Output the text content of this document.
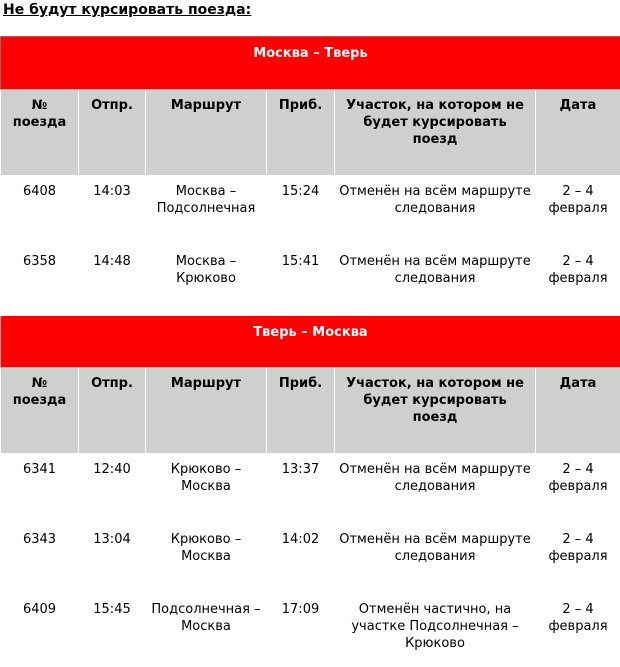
Не будут курсировать поезда:
Москва – Тверь					
№ поезда	Отпр.	Маршрут	Приб.	Участок, на котором не будет курсировать поезд	Дата
6408	14:03	Москва – Подсолнечная	15:24	Отменён на всём маршруте следования	2 – 4 февраля
6358	14:48	Москва – Крюково	15:41	Отменён на всём маршруте следования	2 – 4 февраля
Тверь – Москва					
№ поезда	Отпр.	Маршрут	Приб.	Участок, на котором не будет курсировать поезд	Дата
6341	12:40	Крюково – Москва	13:37	Отменён на всём маршруте следования	2 – 4 февраля
6343	13:04	Крюково – Москва	14:02	Отменён на всём маршруте следования	2 – 4 февраля
6409	15:45	Подсолнечная – Москва	17:09	Отменён частично, на участке Подсолнечная – Крюково	2 – 4 февраля
